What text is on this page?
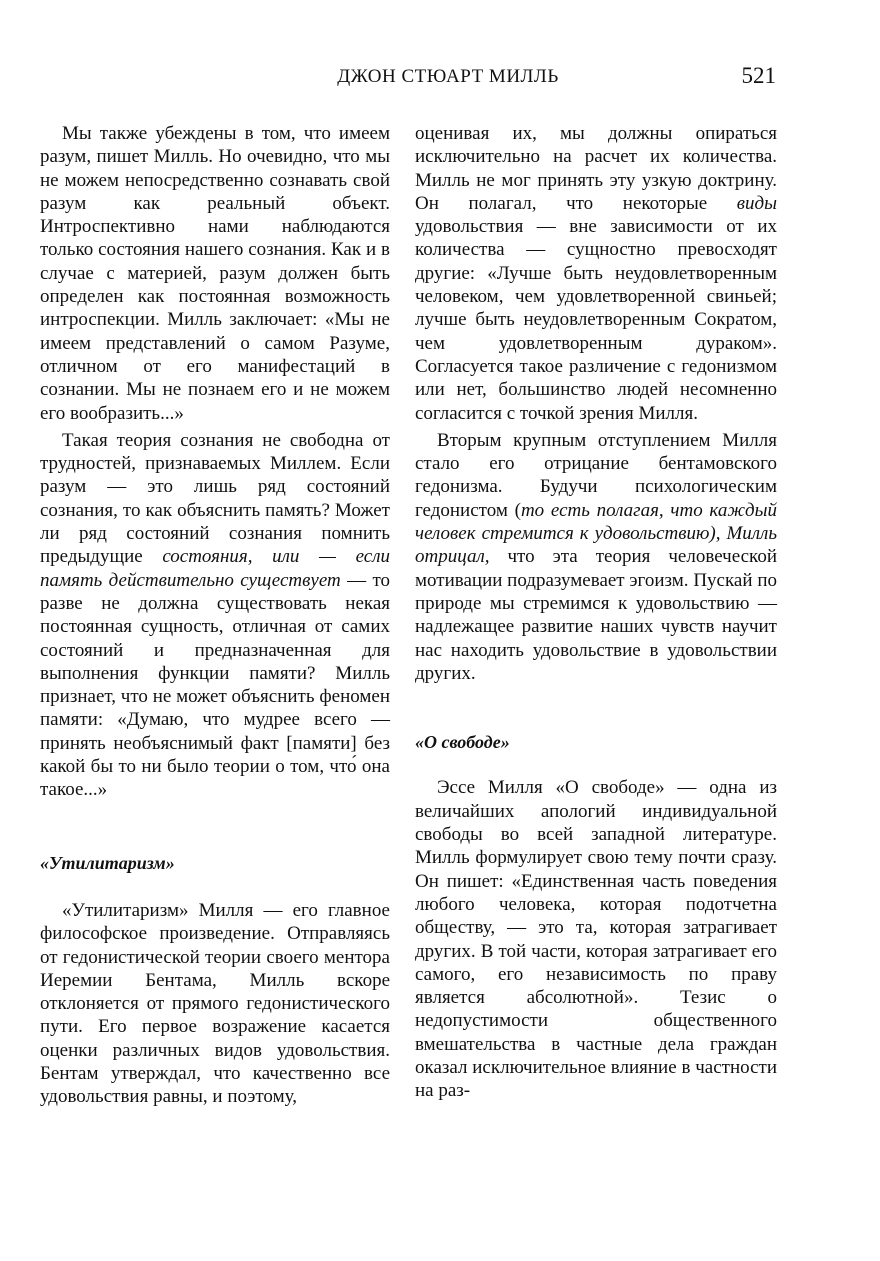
ДЖОН СТЮАРТ МИЛЛЬ	521

Мы также убеждены в том, что имеем разум, пишет Милль. Но очевидно, что мы не можем непосредственно сознавать свой разум как реальный объект. Интроспективно нами наблюдаются только состояния нашего сознания. Как и в случае с материей, разум должен быть определен как постоянная возможность интроспекции. Милль заключает: «Мы не имеем представлений о самом Разуме, отличном от его манифестаций в сознании. Мы не познаем его и не можем его вообразить...»

Такая теория сознания не свободна от трудностей, признаваемых Миллем. Если разум — это лишь ряд состояний сознания, то как объяснить память? Может ли ряд состояний сознания помнить предыдущие состояния, или — если память действительно существует — то разве не должна существовать некая постоянная сущность, отличная от самих состояний и предназначенная для выполнения функции памяти? Милль признает, что не может объяснить феномен памяти: «Думаю, что мудрее всего — принять необъяснимый факт [памяти] без какой бы то ни было теории о том, что́ она такое...»

«Утилитаризм»

«Утилитаризм» Милля — его главное философское произведение. Отправляясь от гедонистической теории своего ментора Иеремии Бентама, Милль вскоре отклоняется от прямого гедонистического пути. Его первое возражение касается оценки различных видов удовольствия. Бентам утверждал, что качественно все удовольствия равны, и поэтому,

оценивая их, мы должны опираться исключительно на расчет их количества. Милль не мог принять эту узкую доктрину. Он полагал, что некоторые виды удовольствия — вне зависимости от их количества — сущностно превосходят другие: «Лучше быть неудовлетворенным человеком, чем удовлетворенной свиньей; лучше быть неудовлетворенным Сократом, чем удовлетворенным дураком». Согласуется такое различение с гедонизмом или нет, большинство людей несомненно согласится с точкой зрения Милля.

Вторым крупным отступлением Милля стало его отрицание бентамовского гедонизма. Будучи психологическим гедонистом (то есть полагая, что каждый человек стремится к удовольствию), Милль отрицал, что эта теория человеческой мотивации подразумевает эгоизм. Пускай по природе мы стремимся к удовольствию — надлежащее развитие наших чувств научит нас находить удовольствие в удовольствии других.

«О свободе»

Эссе Милля «О свободе» — одна из величайших апологий индивидуальной свободы во всей западной литературе. Милль формулирует свою тему почти сразу. Он пишет: «Единственная часть поведения любого человека, которая подотчетна обществу, — это та, которая затрагивает других. В той части, которая затрагивает его самого, его независимость по праву является абсолютной». Тезис о недопустимости общественного вмешательства в частные дела граждан оказал исключительное влияние в частности на раз-
